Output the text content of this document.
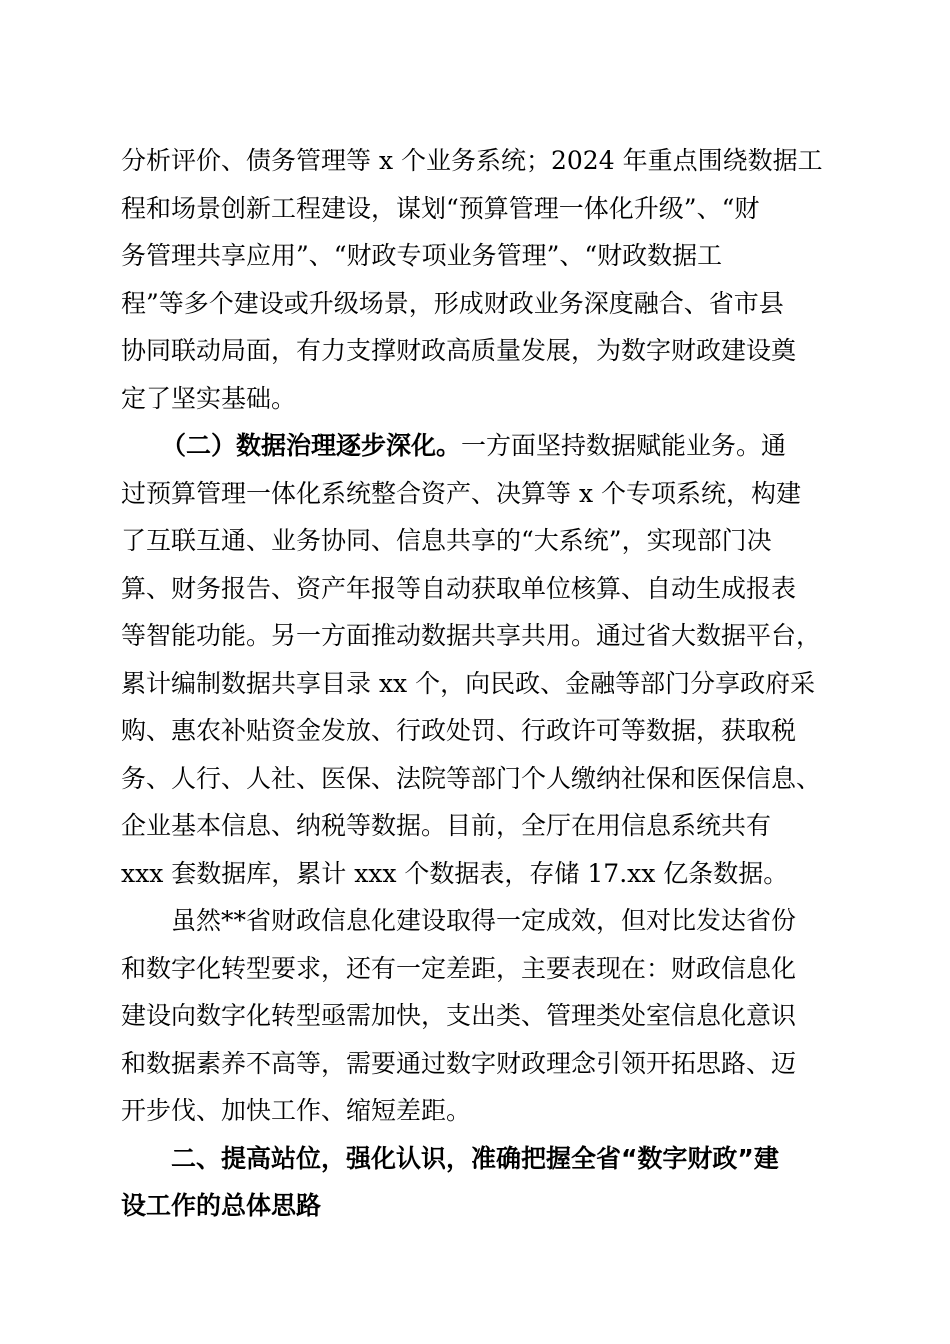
分析评价、债务管理等 x 个业务系统；2024 年重点围绕数据工
程和场景创新工程建设，谋划“预算管理一体化升级”、“财
务管理共享应用”、“财政专项业务管理”、“财政数据工
程”等多个建设或升级场景，形成财政业务深度融合、省市县
协同联动局面，有力支撑财政高质量发展，为数字财政建设奠
定了坚实基础。
（二）数据治理逐步深化。一方面坚持数据赋能业务。通
过预算管理一体化系统整合资产、决算等 x 个专项系统，构建
了互联互通、业务协同、信息共享的“大系统”，实现部门决
算、财务报告、资产年报等自动获取单位核算、自动生成报表
等智能功能。另一方面推动数据共享共用。通过省大数据平台，
累计编制数据共享目录 xx 个，向民政、金融等部门分享政府采
购、惠农补贴资金发放、行政处罚、行政许可等数据，获取税
务、人行、人社、医保、法院等部门个人缴纳社保和医保信息、
企业基本信息、纳税等数据。目前，全厅在用信息系统共有
xxx 套数据库，累计 xxx 个数据表，存储 17.xx 亿条数据。
虽然**省财政信息化建设取得一定成效，但对比发达省份
和数字化转型要求，还有一定差距，主要表现在：财政信息化
建设向数字化转型亟需加快，支出类、管理类处室信息化意识
和数据素养不高等，需要通过数字财政理念引领开拓思路、迈
开步伐、加快工作、缩短差距。
二、提高站位，强化认识，准确把握全省“数字财政”建
设工作的总体思路
